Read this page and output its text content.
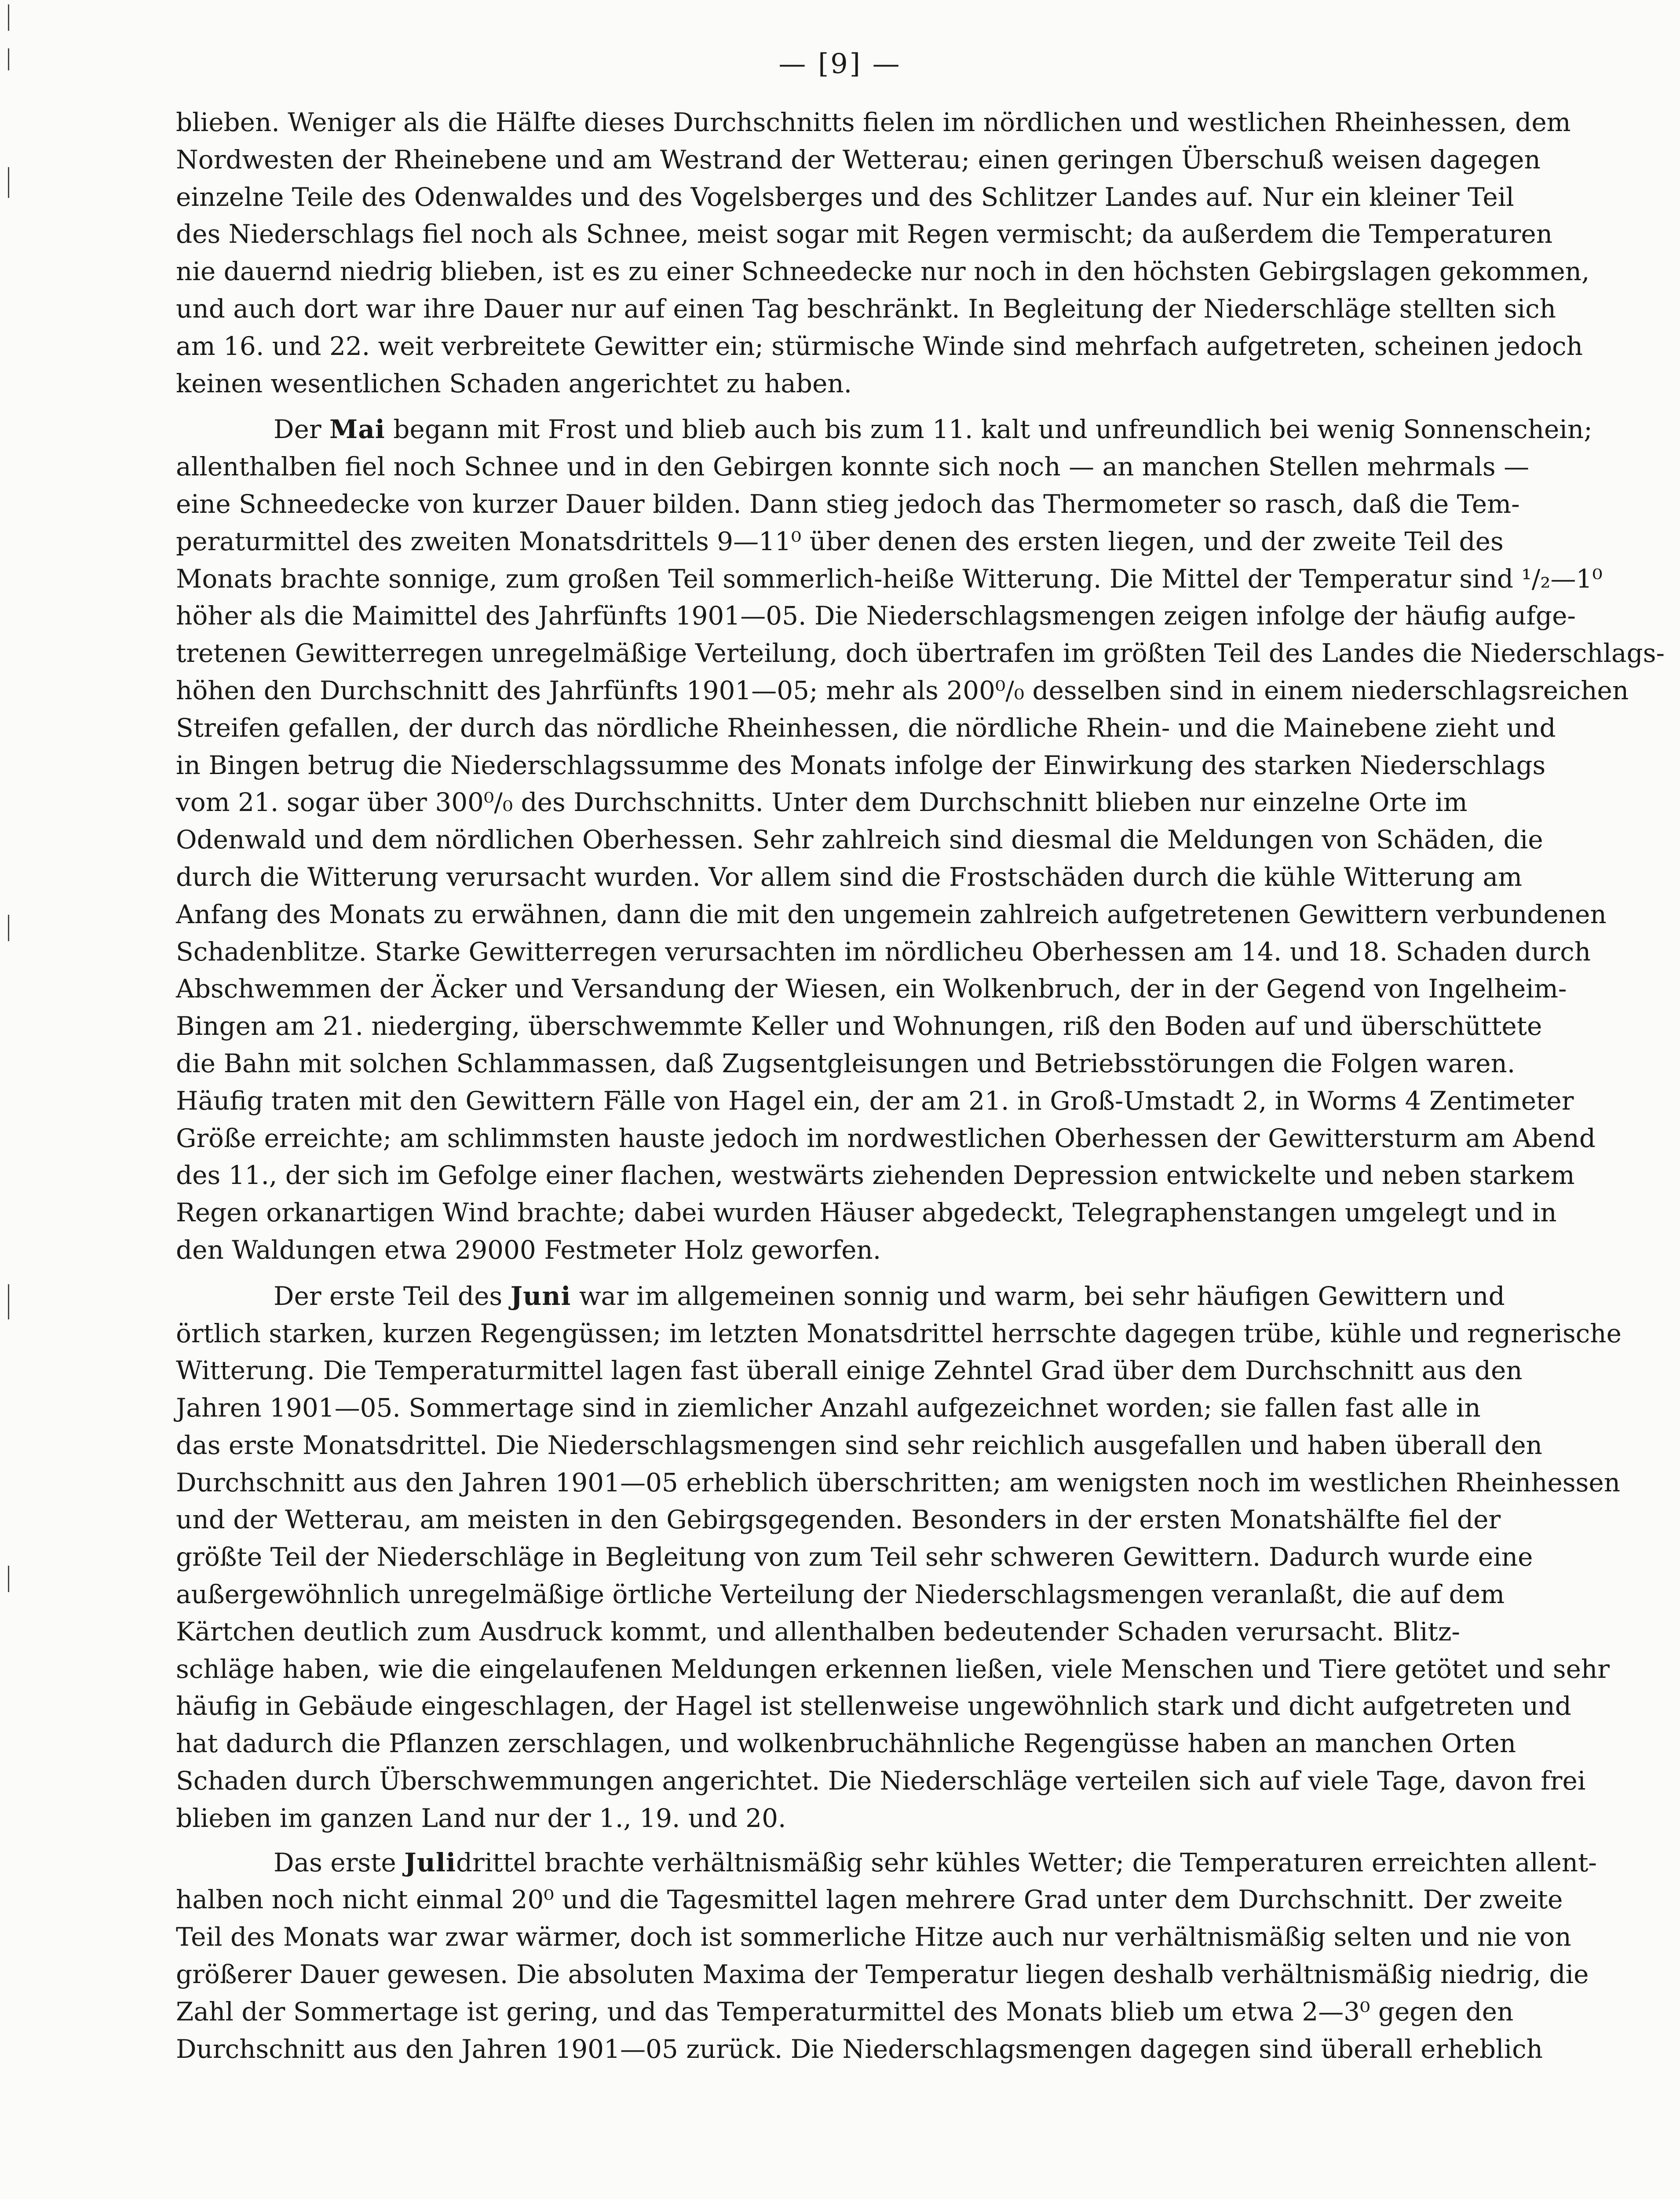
— [9] —

blieben. Weniger als die Hälfte dieses Durchschnitts fielen im nördlichen und westlichen Rheinhessen, dem
Nordwesten der Rheinebene und am Westrand der Wetterau; einen geringen Überschuß weisen dagegen
einzelne Teile des Odenwaldes und des Vogelsberges und des Schlitzer Landes auf. Nur ein kleiner Teil
des Niederschlags fiel noch als Schnee, meist sogar mit Regen vermischt; da außerdem die Temperaturen
nie dauernd niedrig blieben, ist es zu einer Schneedecke nur noch in den höchsten Gebirgslagen gekommen,
und auch dort war ihre Dauer nur auf einen Tag beschränkt. In Begleitung der Niederschläge stellten sich
am 16. und 22. weit verbreitete Gewitter ein; stürmische Winde sind mehrfach aufgetreten, scheinen jedoch
keinen wesentlichen Schaden angerichtet zu haben.

Der Mai begann mit Frost und blieb auch bis zum 11. kalt und unfreundlich bei wenig Sonnenschein;
allenthalben fiel noch Schnee und in den Gebirgen konnte sich noch — an manchen Stellen mehrmals —
eine Schneedecke von kurzer Dauer bilden. Dann stieg jedoch das Thermometer so rasch, daß die Tem-
peraturmittel des zweiten Monatsdrittels 9—11⁰ über denen des ersten liegen, und der zweite Teil des
Monats brachte sonnige, zum großen Teil sommerlich-heiße Witterung. Die Mittel der Temperatur sind ¹/₂—1⁰
höher als die Maimittel des Jahrfünfts 1901—05. Die Niederschlagsmengen zeigen infolge der häufig aufge-
tretenen Gewitterregen unregelmäßige Verteilung, doch übertrafen im größten Teil des Landes die Niederschlags-
höhen den Durchschnitt des Jahrfünfts 1901—05; mehr als 200⁰/₀ desselben sind in einem niederschlagsreichen
Streifen gefallen, der durch das nördliche Rheinhessen, die nördliche Rhein- und die Mainebene zieht und
in Bingen betrug die Niederschlagssumme des Monats infolge der Einwirkung des starken Niederschlags
vom 21. sogar über 300⁰/₀ des Durchschnitts. Unter dem Durchschnitt blieben nur einzelne Orte im
Odenwald und dem nördlichen Oberhessen. Sehr zahlreich sind diesmal die Meldungen von Schäden, die
durch die Witterung verursacht wurden. Vor allem sind die Frostschäden durch die kühle Witterung am
Anfang des Monats zu erwähnen, dann die mit den ungemein zahlreich aufgetretenen Gewittern verbundenen
Schadenblitze. Starke Gewitterregen verursachten im nördlicheu Oberhessen am 14. und 18. Schaden durch
Abschwemmen der Äcker und Versandung der Wiesen, ein Wolkenbruch, der in der Gegend von Ingelheim-
Bingen am 21. niederging, überschwemmte Keller und Wohnungen, riß den Boden auf und überschüttete
die Bahn mit solchen Schlammassen, daß Zugsentgleisungen und Betriebsstörungen die Folgen waren.
Häufig traten mit den Gewittern Fälle von Hagel ein, der am 21. in Groß-Umstadt 2, in Worms 4 Zentimeter
Größe erreichte; am schlimmsten hauste jedoch im nordwestlichen Oberhessen der Gewittersturm am Abend
des 11., der sich im Gefolge einer flachen, westwärts ziehenden Depression entwickelte und neben starkem
Regen orkanartigen Wind brachte; dabei wurden Häuser abgedeckt, Telegraphenstangen umgelegt und in
den Waldungen etwa 29000 Festmeter Holz geworfen.

Der erste Teil des Juni war im allgemeinen sonnig und warm, bei sehr häufigen Gewittern und
örtlich starken, kurzen Regengüssen; im letzten Monatsdrittel herrschte dagegen trübe, kühle und regnerische
Witterung. Die Temperaturmittel lagen fast überall einige Zehntel Grad über dem Durchschnitt aus den
Jahren 1901—05. Sommertage sind in ziemlicher Anzahl aufgezeichnet worden; sie fallen fast alle in
das erste Monatsdrittel. Die Niederschlagsmengen sind sehr reichlich ausgefallen und haben überall den
Durchschnitt aus den Jahren 1901—05 erheblich überschritten; am wenigsten noch im westlichen Rheinhessen
und der Wetterau, am meisten in den Gebirgsgegenden. Besonders in der ersten Monatshälfte fiel der
größte Teil der Niederschläge in Begleitung von zum Teil sehr schweren Gewittern. Dadurch wurde eine
außergewöhnlich unregelmäßige örtliche Verteilung der Niederschlagsmengen veranlaßt, die auf dem
Kärtchen deutlich zum Ausdruck kommt, und allenthalben bedeutender Schaden verursacht. Blitz-
schläge haben, wie die eingelaufenen Meldungen erkennen ließen, viele Menschen und Tiere getötet und sehr
häufig in Gebäude eingeschlagen, der Hagel ist stellenweise ungewöhnlich stark und dicht aufgetreten und
hat dadurch die Pflanzen zerschlagen, und wolkenbruchähnliche Regengüsse haben an manchen Orten
Schaden durch Überschwemmungen angerichtet. Die Niederschläge verteilen sich auf viele Tage, davon frei
blieben im ganzen Land nur der 1., 19. und 20.

Das erste Julidrittel brachte verhältnismäßig sehr kühles Wetter; die Temperaturen erreichten allent-
halben noch nicht einmal 20⁰ und die Tagesmittel lagen mehrere Grad unter dem Durchschnitt. Der zweite
Teil des Monats war zwar wärmer, doch ist sommerliche Hitze auch nur verhältnismäßig selten und nie von
größerer Dauer gewesen. Die absoluten Maxima der Temperatur liegen deshalb verhältnismäßig niedrig, die
Zahl der Sommertage ist gering, und das Temperaturmittel des Monats blieb um etwa 2—3⁰ gegen den
Durchschnitt aus den Jahren 1901—05 zurück. Die Niederschlagsmengen dagegen sind überall erheblich
